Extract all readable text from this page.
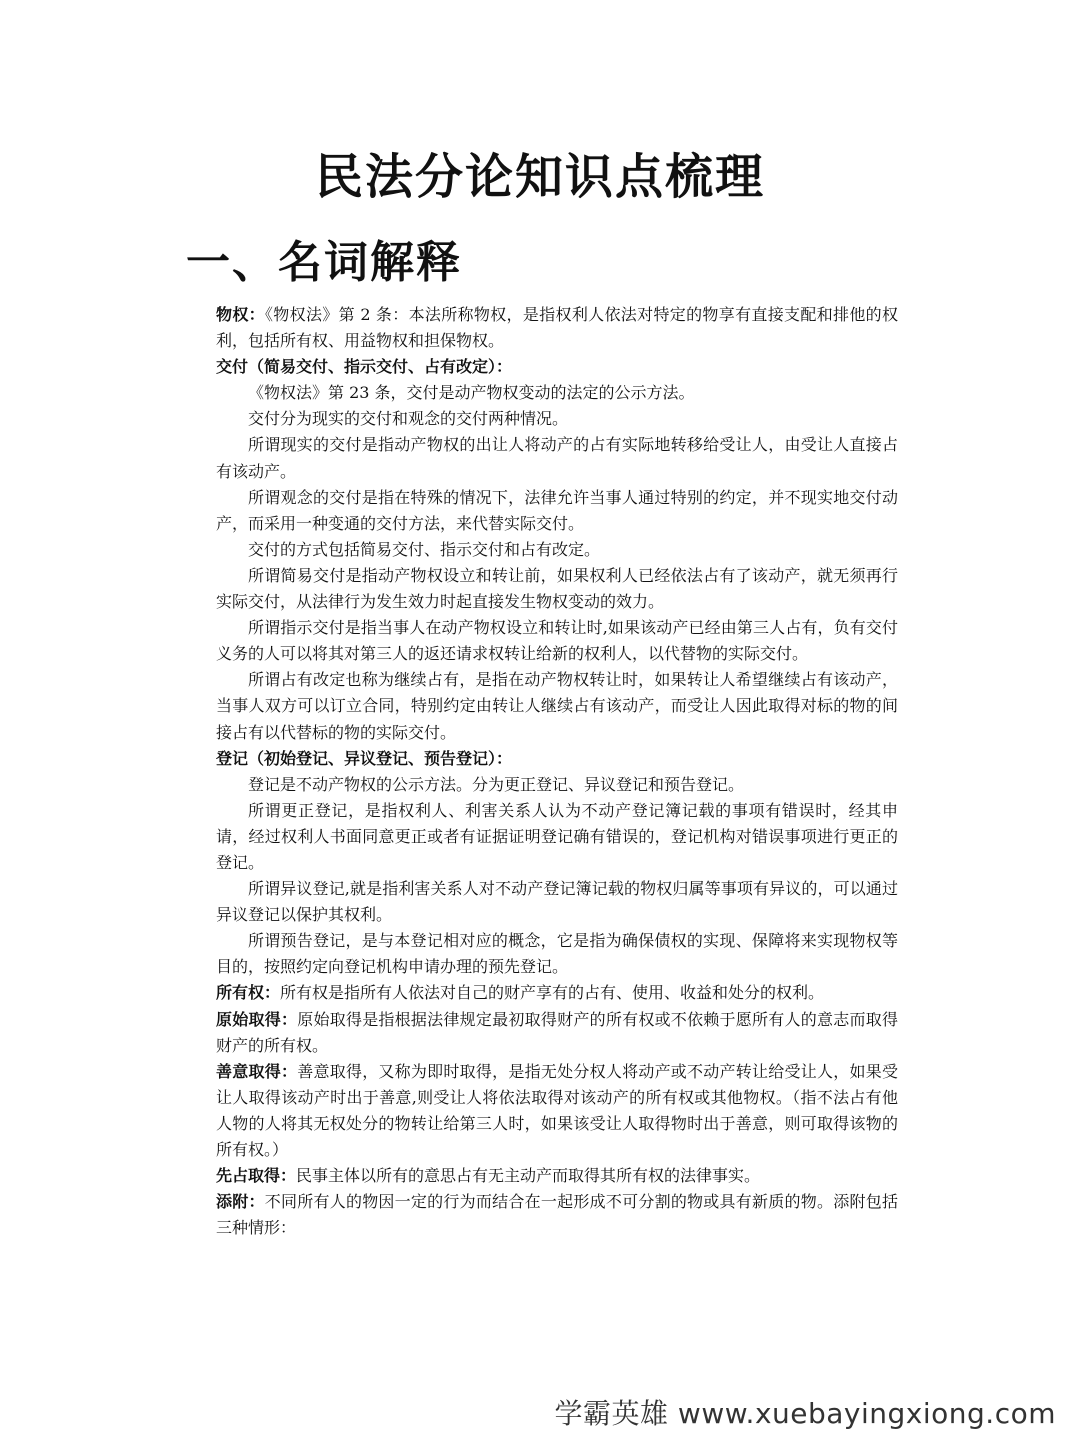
民法分论知识点梳理
一、名词解释

物权：《物权法》第 2 条：本法所称物权，是指权利人依法对特定的物享有直接支配和排他的权利，包括所有权、用益物权和担保物权。

交付（简易交付、指示交付、占有改定）：

《物权法》第 23 条，交付是动产物权变动的法定的公示方法。

交付分为现实的交付和观念的交付两种情况。

所谓现实的交付是指动产物权的出让人将动产的占有实际地转移给受让人，由受让人直接占有该动产。

所谓观念的交付是指在特殊的情况下，法律允许当事人通过特别的约定，并不现实地交付动产，而采用一种变通的交付方法，来代替实际交付。

交付的方式包括简易交付、指示交付和占有改定。

所谓简易交付是指动产物权设立和转让前，如果权利人已经依法占有了该动产，就无须再行实际交付，从法律行为发生效力时起直接发生物权变动的效力。

所谓指示交付是指当事人在动产物权设立和转让时,如果该动产已经由第三人占有，负有交付义务的人可以将其对第三人的返还请求权转让给新的权利人，以代替物的实际交付。

所谓占有改定也称为继续占有，是指在动产物权转让时，如果转让人希望继续占有该动产，当事人双方可以订立合同，特别约定由转让人继续占有该动产，而受让人因此取得对标的物的间接占有以代替标的物的实际交付。

登记（初始登记、异议登记、预告登记）：

登记是不动产物权的公示方法。分为更正登记、异议登记和预告登记。

所谓更正登记，是指权利人、利害关系人认为不动产登记簿记载的事项有错误时，经其申请，经过权利人书面同意更正或者有证据证明登记确有错误的，登记机构对错误事项进行更正的登记。

所谓异议登记,就是指利害关系人对不动产登记簿记载的物权归属等事项有异议的，可以通过异议登记以保护其权利。

所谓预告登记，是与本登记相对应的概念，它是指为确保债权的实现、保障将来实现物权等目的，按照约定向登记机构申请办理的预先登记。

所有权：所有权是指所有人依法对自己的财产享有的占有、使用、收益和处分的权利。

原始取得：原始取得是指根据法律规定最初取得财产的所有权或不依赖于愿所有人的意志而取得财产的所有权。

善意取得：善意取得，又称为即时取得，是指无处分权人将动产或不动产转让给受让人，如果受让人取得该动产时出于善意,则受让人将依法取得对该动产的所有权或其他物权。（指不法占有他人物的人将其无权处分的物转让给第三人时，如果该受让人取得物时出于善意，则可取得该物的所有权。）

先占取得：民事主体以所有的意思占有无主动产而取得其所有权的法律事实。

添附：不同所有人的物因一定的行为而结合在一起形成不可分割的物或具有新质的物。添附包括三种情形：

学霸英雄 www.xuebayingxiong.com
